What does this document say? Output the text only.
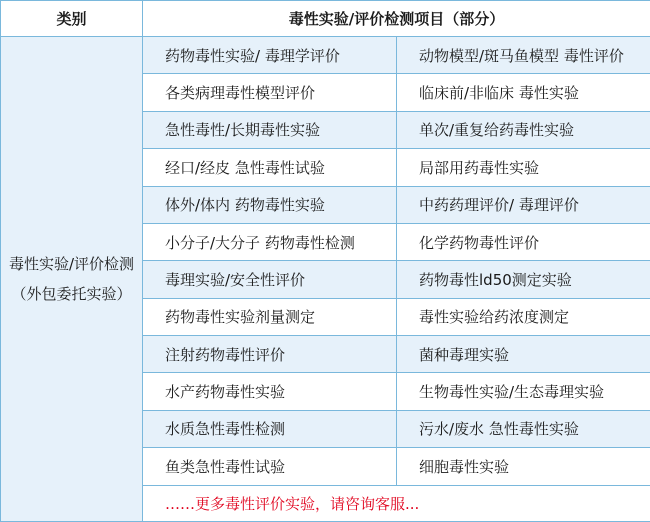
类别	毒性实验/评价检测项目（部分）	

毒性实验/评价检测
（外包委托实验）	药物毒性实验/ 毒理学评价	动物模型/斑马鱼模型 毒性评价
	各类病理毒性模型评价	临床前/非临床 毒性实验
	急性毒性/长期毒性实验	单次/重复给药毒性实验
	经口/经皮 急性毒性试验	局部用药毒性实验
	体外/体内 药物毒性实验	中药药理评价/ 毒理评价
	小分子/大分子 药物毒性检测	化学药物毒性评价
	毒理实验/安全性评价	药物毒性ld50测定实验
	药物毒性实验剂量测定	毒性实验给药浓度测定
	注射药物毒性评价	菌种毒理实验
	水产药物毒性实验	生物毒性实验/生态毒理实验
	水质急性毒性检测	污水/废水 急性毒性实验
	鱼类急性毒性试验	细胞毒性实验
	……更多毒性评价实验，请咨询客服...	
